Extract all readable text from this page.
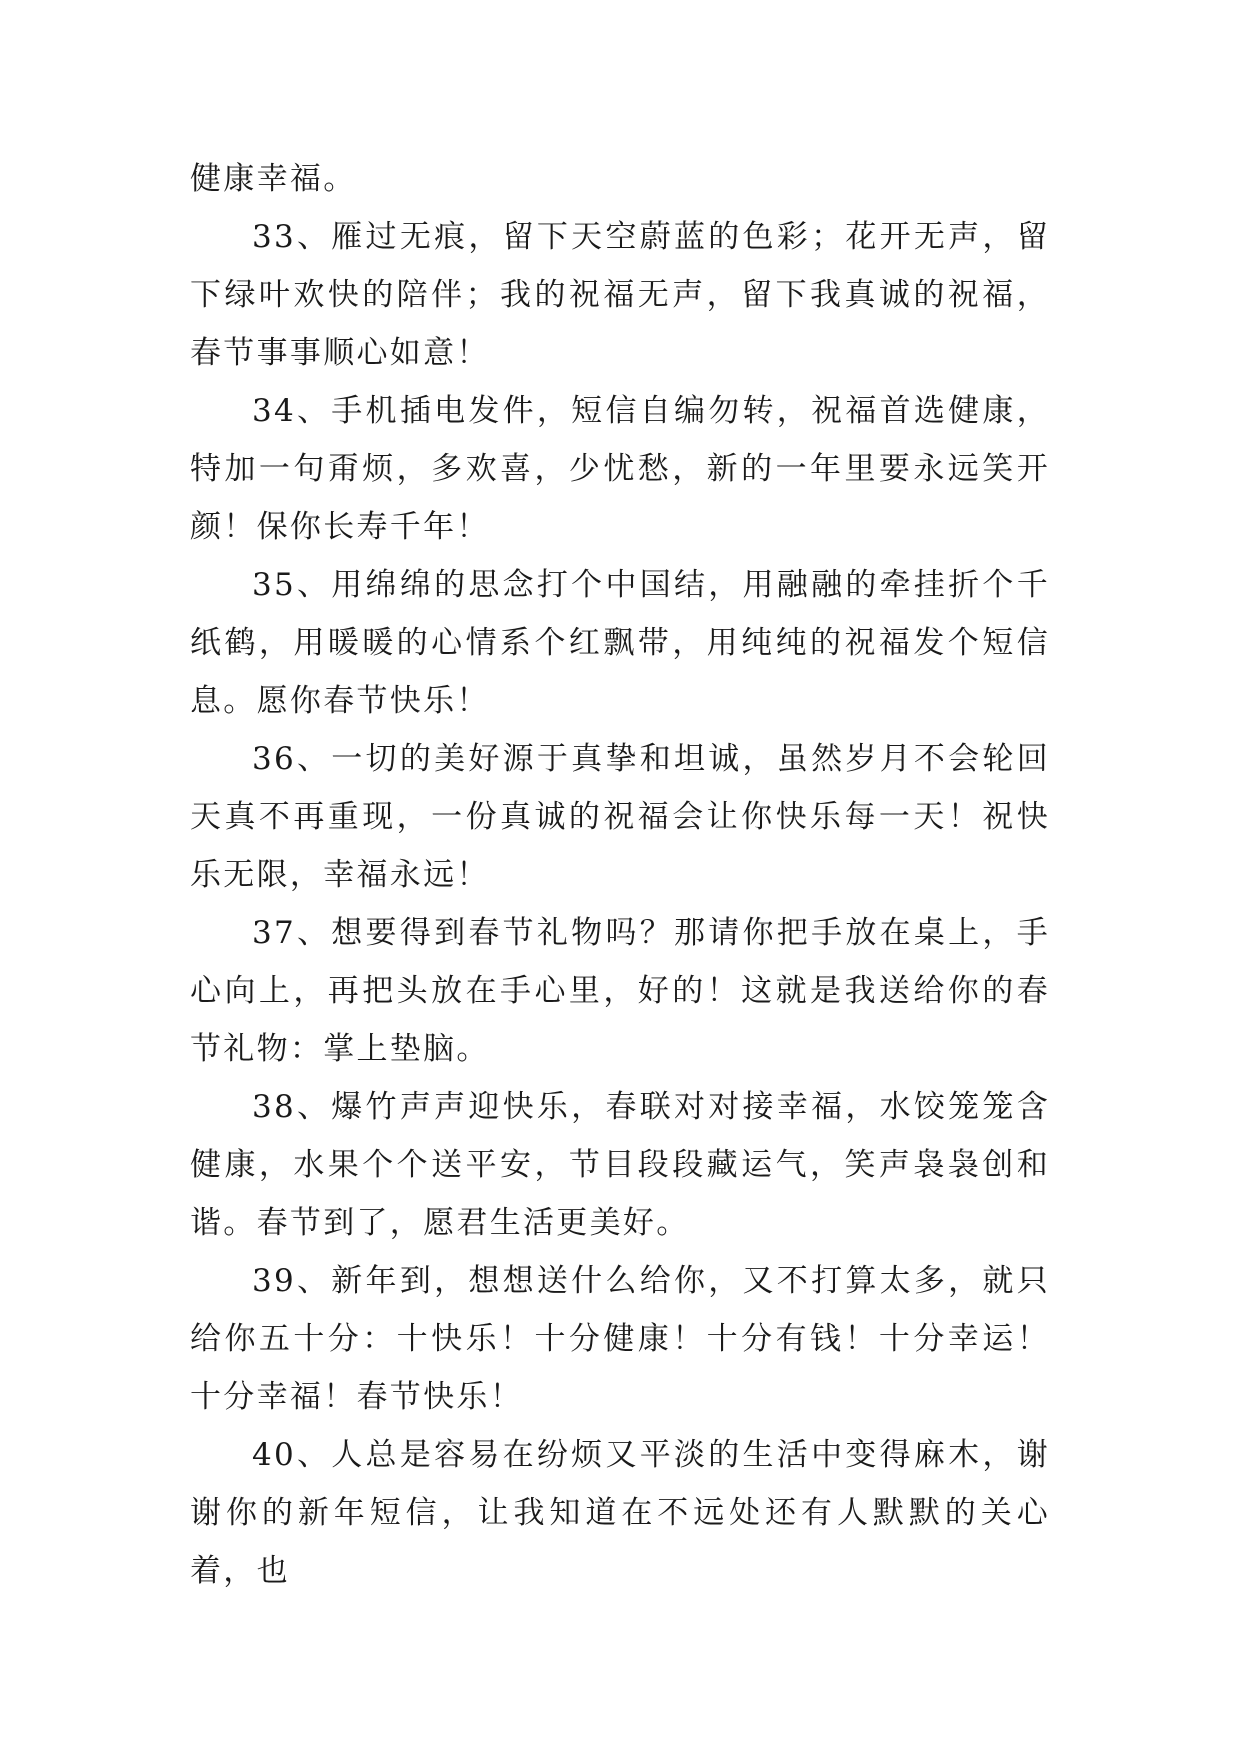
健康幸福。

33、雁过无痕，留下天空蔚蓝的色彩；花开无声，留下绿叶欢快的陪伴；我的祝福无声，留下我真诚的祝福，春节事事顺心如意！

34、手机插电发件，短信自编勿转，祝福首选健康，特加一句甭烦，多欢喜，少忧愁，新的一年里要永远笑开颜！保你长寿千年！

35、用绵绵的思念打个中国结，用融融的牵挂折个千纸鹤，用暖暖的心情系个红飘带，用纯纯的祝福发个短信息。愿你春节快乐！

36、一切的美好源于真挚和坦诚，虽然岁月不会轮回天真不再重现，一份真诚的祝福会让你快乐每一天！祝快乐无限，幸福永远！

37、想要得到春节礼物吗？那请你把手放在桌上，手心向上，再把头放在手心里，好的！这就是我送给你的春节礼物：掌上垫脑。

38、爆竹声声迎快乐，春联对对接幸福，水饺笼笼含健康，水果个个送平安，节目段段藏运气，笑声袅袅创和谐。春节到了，愿君生活更美好。

39、新年到，想想送什么给你，又不打算太多，就只给你五十分：十快乐！十分健康！十分有钱！十分幸运！十分幸福！春节快乐！

40、人总是容易在纷烦又平淡的生活中变得麻木，谢谢你的新年短信，让我知道在不远处还有人默默的关心着，也
